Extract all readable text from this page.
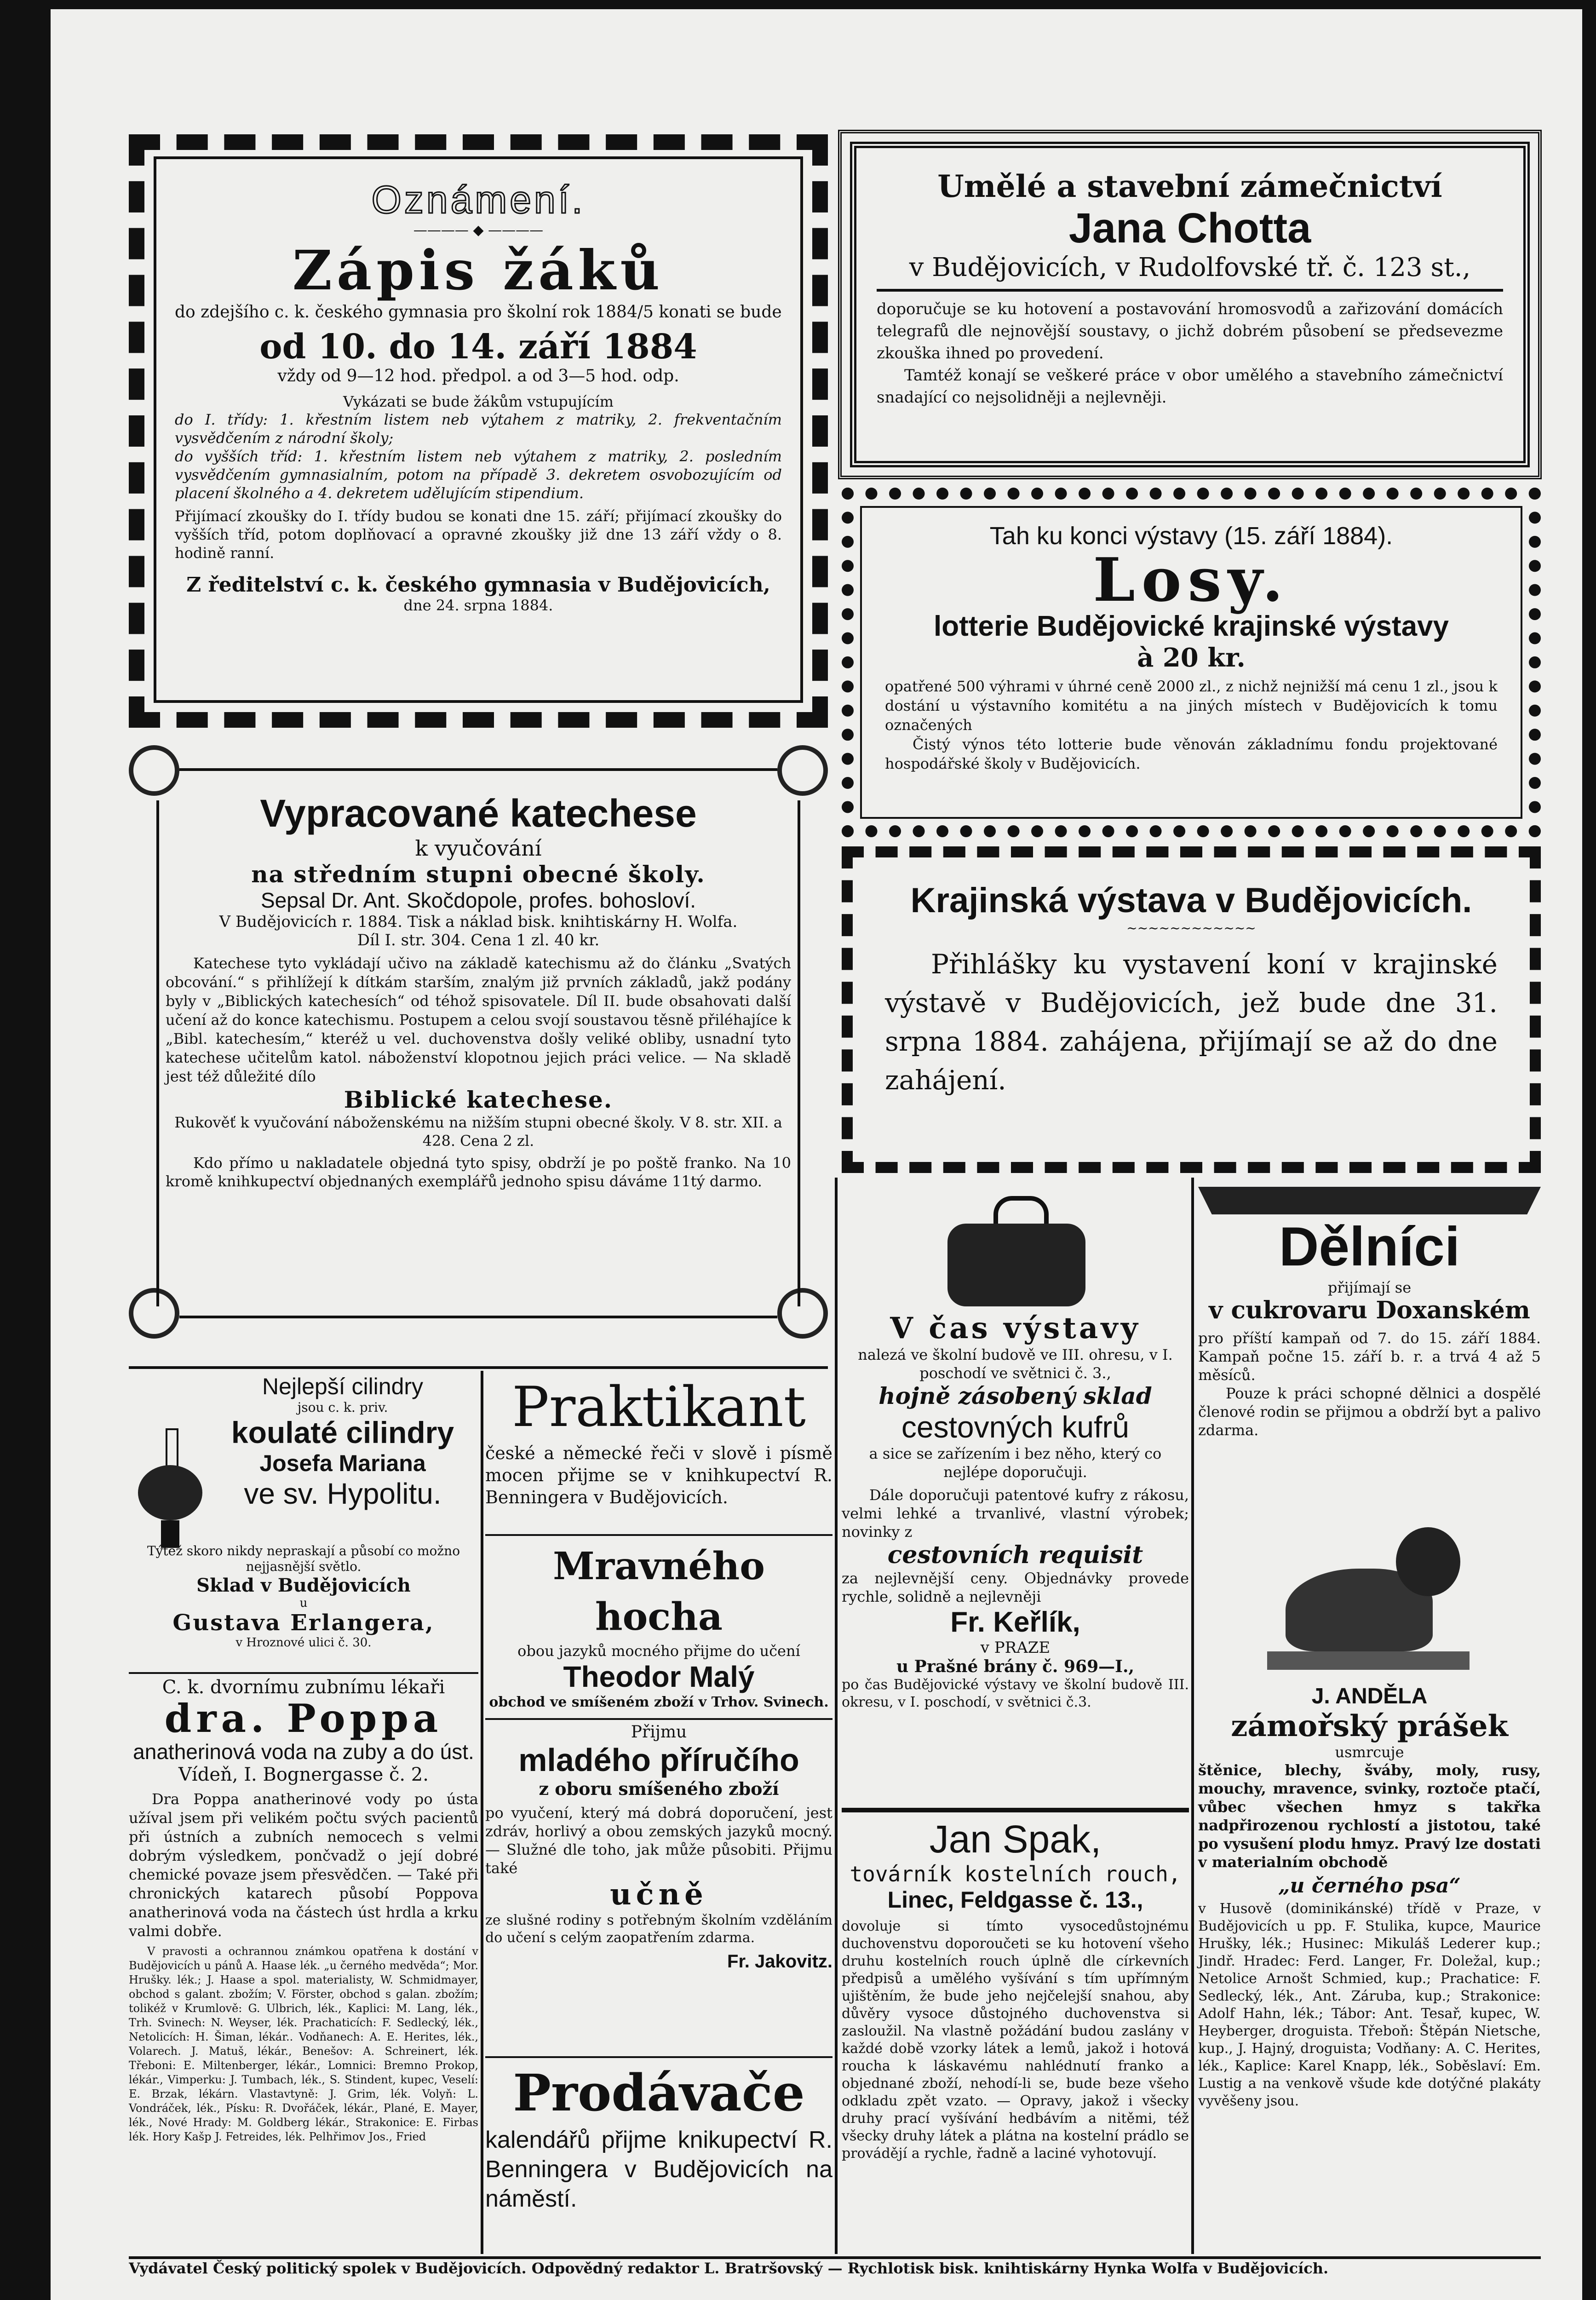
Oznámení.
———— ◆ ————
Zápis žáků

do zdejšího c. k. českého gymnasia pro školní rok 1884/5 konati se bude

od 10. do 14. září 1884
vždy od 9—12 hod. předpol. a od 3—5 hod. odp.

Vykázati se bude žákům vstupujícím

do I. třídy: 1. křestním listem neb výtahem z matriky, 2. frekventačním vysvědčením z národní školy;

do vyšších tříd: 1. křestním listem neb výtahem z matriky, 2. posledním vysvědčením gymnasialním, potom na případě 3. dekretem osvobozujícím od placení školného a 4. dekretem udělujícím stipendium.

Přijímací zkoušky do I. třídy budou se konati dne 15. září; přijímací zkoušky do vyšších tříd, potom doplňovací a opravné zkoušky již dne 13 září vždy o 8. hodině ranní.

Z ředitelství c. k. českého gymnasia v Budějovicích,
dne 24. srpna 1884.
Umělé a stavební zámečnictví
Jana Chotta
v Budějovicích, v Rudolfovské tř. č. 123 st.,

doporučuje se ku hotovení a postavování hromosvodů a zařizování domácích telegrafů dle nejnovější soustavy, o jichž dobrém působení se předsevezme zkouška ihned po provedení.

Tamtéž konají se veškeré práce v obor umělého a stavebního zámečnictví snadající co nejsolidněji a nejlevněji.

Tah ku konci výstavy (15. září 1884).
Losy.
lotterie Budějovické krajinské výstavy
à 20 kr.

opatřené 500 výhrami v úhrné ceně 2000 zl., z nichž nejnižší má cenu 1 zl., jsou k dostání u výstavního komitétu a na jiných místech v Budějovicích k tomu označených

Čistý výnos této lotterie bude věnován základnímu fondu projektované hospodářské školy v Budějovicích.

Vypracované katechese
k vyučování
na středním stupni obecné školy.
Sepsal Dr. Ant. Skočdopole, profes. bohosloví.
V Budějovicích r. 1884. Tisk a náklad bisk. knihtiskárny H. Wolfa.
Díl I. str. 304. Cena 1 zl. 40 kr.

Katechese tyto vykládají učivo na základě katechismu až do článku „Svatých obcování.“ s přihlížejí k dítkám starším, znalým již prvních základů, jakž podány byly v „Biblických katechesích“ od téhož spisovatele. Díl II. bude obsahovati další učení až do konce katechismu. Postupem a celou svojí soustavou těsně přiléhajíce k „Bibl. katechesím,“ kteréž u vel. duchovenstva došly veliké obliby, usnadní tyto katechese učitelům katol. náboženství klopotnou jejich práci velice. — Na skladě jest též důležité dílo

Biblické katechese.

Rukověť k vyučování náboženskému na nižším stupni obecné školy. V 8. str. XII. a 428. Cena 2 zl.

Kdo přímo u nakladatele objedná tyto spisy, obdrží je po poště franko. Na 10 kromě knihkupectví objednaných exemplářů jednoho spisu dáváme 11tý darmo.

Krajinská výstava v Budějovicích.
~~~~~~~~~~~~

Přihlášky ku vystavení koní v krajinské výstavě v Budějovicích, jež bude dne 31. srpna 1884. zahájena, přijímají se až do dne zahájení.

Nejlepší cilindry
jsou c. k. priv.
koulaté cilindry
Josefa Mariana
ve sv. Hypolitu.

Týtéž skoro nikdy nepraskají a působí co možno nejjasnější světlo.

Sklad v Budějovicích
u
Gustava Erlangera,
v Hroznové ulici č. 30.
C. k. dvornímu zubnímu lékaři
dra. Poppa
anatherinová voda na zuby a do úst.
Vídeň, I. Bognergasse č. 2.

Dra Poppa anatherinové vody po ústa užíval jsem při velikém počtu svých pacientů při ústních a zubních nemocech s velmi dobrým výsledkem, pončvadž o její dobré chemické povaze jsem přesvědčen. — Také při chronických katarech působí Poppova anatherinová voda na částech úst hrdla a krku valmi dobře.

V pravosti a ochrannou známkou opatřena k dostání v Budějovicích u pánů A. Haase lék. „u černého medvěda“; Mor. Hrušky. lék.; J. Haase a spol. materialisty, W. Schmidmayer, obchod s galant. zbožím; V. Förster, obchod s galan. zbožím; tolikéž v Krumlově: G. Ulbrich, lék., Kaplici: M. Lang, lék., Trh. Svinech: N. Weyser, lék. Prachaticích: F. Sedlecký, lék., Netolicích: H. Šiman, lékár.. Vodňanech: A. E. Herites, lék., Volarech. J. Matuš, lékár., Benešov: A. Schreinert, lék. Třeboni: E. Miltenberger, lékár., Lomnici: Bremno Prokop, lékár., Vimperku: J. Tumbach, lék., S. Stindent, kupec, Veselí: E. Brzak, lékárn. Vlastavtyně: J. Grim, lék. Volyň: L. Vondráček, lék., Písku: R. Dvořáček, lékár., Plané, E. Mayer, lék., Nové Hrady: M. Goldberg lékár., Strakonice: E. Firbas lék. Hory Kašp J. Fetreides, lék. Pelhřimov Jos., Fried

Praktikant

české a německé řeči v slově i písmě mocen přijme se v knihkupectví R. Benningera v Budějovicích.

Mravného hocha

obou jazyků mocného přijme do učení

Theodor Malý

obchod ve smíšeném zboží v Trhov. Svinech.

Přijmu
mladého příručího
z oboru smíšeného zboží

po vyučení, který má dobrá doporučení, jest zdráv, horlivý a obou zemských jazyků mocný. — Služné dle toho, jak může působiti. Přijmu také

učně

ze slušné rodiny s potřebným školním vzděláním do učení s celým zaopatřením zdarma.

Fr. Jakovitz.
Prodávače

kalendářů přijme knikupectví R. Benningera v Budějovicích na náměstí.

V čas výstavy

nalezá ve školní budově ve III. ohresu, v I. poschodí ve světnici č. 3.,

hojně zásobený sklad
cestovných kufrů

a sice se zařízením i bez něho, který co nejlépe doporučuji.

Dále doporučuji patentové kufry z rákosu, velmi lehké a trvanlivé, vlastní výrobek; novinky z

cestovních requisit

za nejlevnější ceny. Objednávky provede rychle, solidně a nejlevněji

Fr. Keřlík,
v PRAZE
u Prašné brány č. 969—I.,

po čas Budějovické výstavy ve školní budově III. okresu, v I. poschodí, v světnici č.3.

Jan Spak,
továrník kostelních rouch,
Linec, Feldgasse č. 13.,

dovoluje si tímto vysocedůstojnému duchovenstvu doporoučeti se ku hotovení všeho druhu kostelních rouch úplně dle církevních předpisů a umělého vyšívání s tím upřímným ujištěním, že bude jeho nejčelejší snahou, aby důvěry vysoce důstojného duchovenstva si zasloužil. Na vlastně požádání budou zaslány v každé době vzorky látek a lemů, jakož i hotová roucha k láskavému nahlédnutí franko a objednané zboží, nehodí-li se, bude beze všeho odkladu zpět vzato. — Opravy, jakož i všecky druhy prací vyšívání hedbávím a nitěmi, též všecky druhy látek a plátna na kostelní prádlo se provádějí a rychle, řadně a laciné vyhotovují.

Dělníci
přijímají se
v cukrovaru Doxanském

pro příští kampaň od 7. do 15. září 1884. Kampaň počne 15. září b. r. a trvá 4 až 5 měsíců.

Pouze k práci schopné dělnici a dospělé členové rodin se přijmou a obdrží byt a palivo zdarma.

J. ANDĚLA
zámořský prášek
usmrcuje

štěnice, blechy, šváby, moly, rusy, mouchy, mravence, svinky, roztoče ptačí, vůbec všechen hmyz s takřka nadpřirozenou rychlostí a jistotou, také po vysušení plodu hmyz. Pravý lze dostati v materialním obchodě

„u černého psa“

v Husově (dominikánské) třídě v Praze, v Budějovicích u pp. F. Stulika, kupce, Maurice Hrušky, lék.; Husinec: Mikuláš Lederer kup.; Jindř. Hradec: Ferd. Langer, Fr. Doležal, kup.; Netolice Arnošt Schmied, kup.; Prachatice: F. Sedlecký, lék., Ant. Záruba, kup.; Strakonice: Adolf Hahn, lék.; Tábor: Ant. Tesař, kupec, W. Heyberger, droguista. Třeboň: Štěpán Nietsche, kup., J. Hajný, droguista; Vodňany: A. C. Herites, lék., Kaplice: Karel Knapp, lék., Soběslaví: Em. Lustig a na venkově všude kde dotýčné plakáty vyvěšeny jsou.

Vydávatel Český politický spolek v Budějovicích. Odpovědný redaktor L. Bratršovský — Rychlotisk bisk. knihtiskárny Hynka Wolfa v Budějovicích.
